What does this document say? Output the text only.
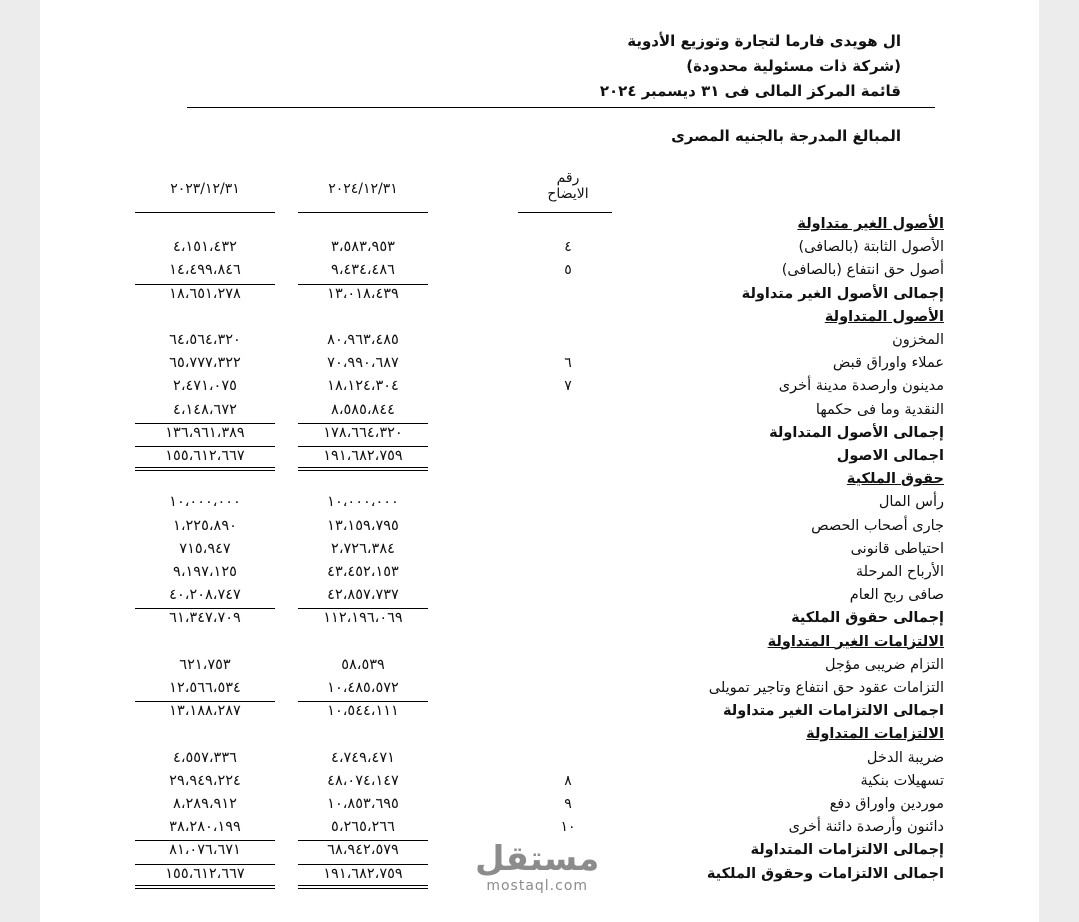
ال هويدى فارما لتجارة وتوزيع الأدوية
(شركة ذات مسئولية محدودة)
قائمة المركز المالى فى ٣١ ديسمبر ٢٠٢٤
المبالغ المدرجة بالجنيه المصرى
رقم
الايضاح
٢٠٢٤/١٢/٣١
٢٠٢٣/١٢/٣١
الأصول الغير متداولة
الأصول الثابتة (بالصافى)
٤
٣،٥٨٣،٩٥٣
٤،١٥١،٤٣٢
أصول حق انتفاع (بالصافى)
٥
٩،٤٣٤،٤٨٦
١٤،٤٩٩،٨٤٦
إجمالى الأصول الغير متداولة
١٣،٠١٨،٤٣٩
١٨،٦٥١،٢٧٨
الأصول المتداولة
المخزون
٨٠،٩٦٣،٤٨٥
٦٤،٥٦٤،٣٢٠
عملاء واوراق قبض
٦
٧٠،٩٩٠،٦٨٧
٦٥،٧٧٧،٣٢٢
مدينون وارصدة مدينة أخرى
٧
١٨،١٢٤،٣٠٤
٢،٤٧١،٠٧٥
النقدية وما فى حكمها
٨،٥٨٥،٨٤٤
٤،١٤٨،٦٧٢
إجمالى الأصول المتداولة
١٧٨،٦٦٤،٣٢٠
١٣٦،٩٦١،٣٨٩
اجمالى الاصول
١٩١،٦٨٢،٧٥٩
١٥٥،٦١٢،٦٦٧
حقوق الملكية
رأس المال
١٠،٠٠٠،٠٠٠
١٠،٠٠٠،٠٠٠
جارى أصحاب الحصص
١٣،١٥٩،٧٩٥
١،٢٢٥،٨٩٠
احتياطى قانونى
٢،٧٢٦،٣٨٤
٧١٥،٩٤٧
الأرباح المرحلة
٤٣،٤٥٢،١٥٣
٩،١٩٧،١٢٥
صافى ربح العام
٤٢،٨٥٧،٧٣٧
٤٠،٢٠٨،٧٤٧
إجمالى حقوق الملكية
١١٢،١٩٦،٠٦٩
٦١،٣٤٧،٧٠٩
الالتزامات الغير المتداولة
التزام ضريبى مؤجل
٥٨،٥٣٩
٦٢١،٧٥٣
التزامات عقود حق انتفاع وتاجير تمويلى
١٠،٤٨٥،٥٧٢
١٢،٥٦٦،٥٣٤
اجمالى الالتزامات الغير متداولة
١٠،٥٤٤،١١١
١٣،١٨٨،٢٨٧
الالتزامات المتداولة
ضريبة الدخل
٤،٧٤٩،٤٧١
٤،٥٥٧،٣٣٦
تسهيلات بنكية
٨
٤٨،٠٧٤،١٤٧
٢٩،٩٤٩،٢٢٤
موردين واوراق دفع
٩
١٠،٨٥٣،٦٩٥
٨،٢٨٩،٩١٢
دائنون وأرصدة دائنة أخرى
١٠
٥،٢٦٥،٢٦٦
٣٨،٢٨٠،١٩٩
إجمالى الالتزامات المتداولة
٦٨،٩٤٢،٥٧٩
٨١،٠٧٦،٦٧١
اجمالى الالتزامات وحقوق الملكية
١٩١،٦٨٢،٧٥٩
١٥٥،٦١٢،٦٦٧	مستقل
mostaql.com
